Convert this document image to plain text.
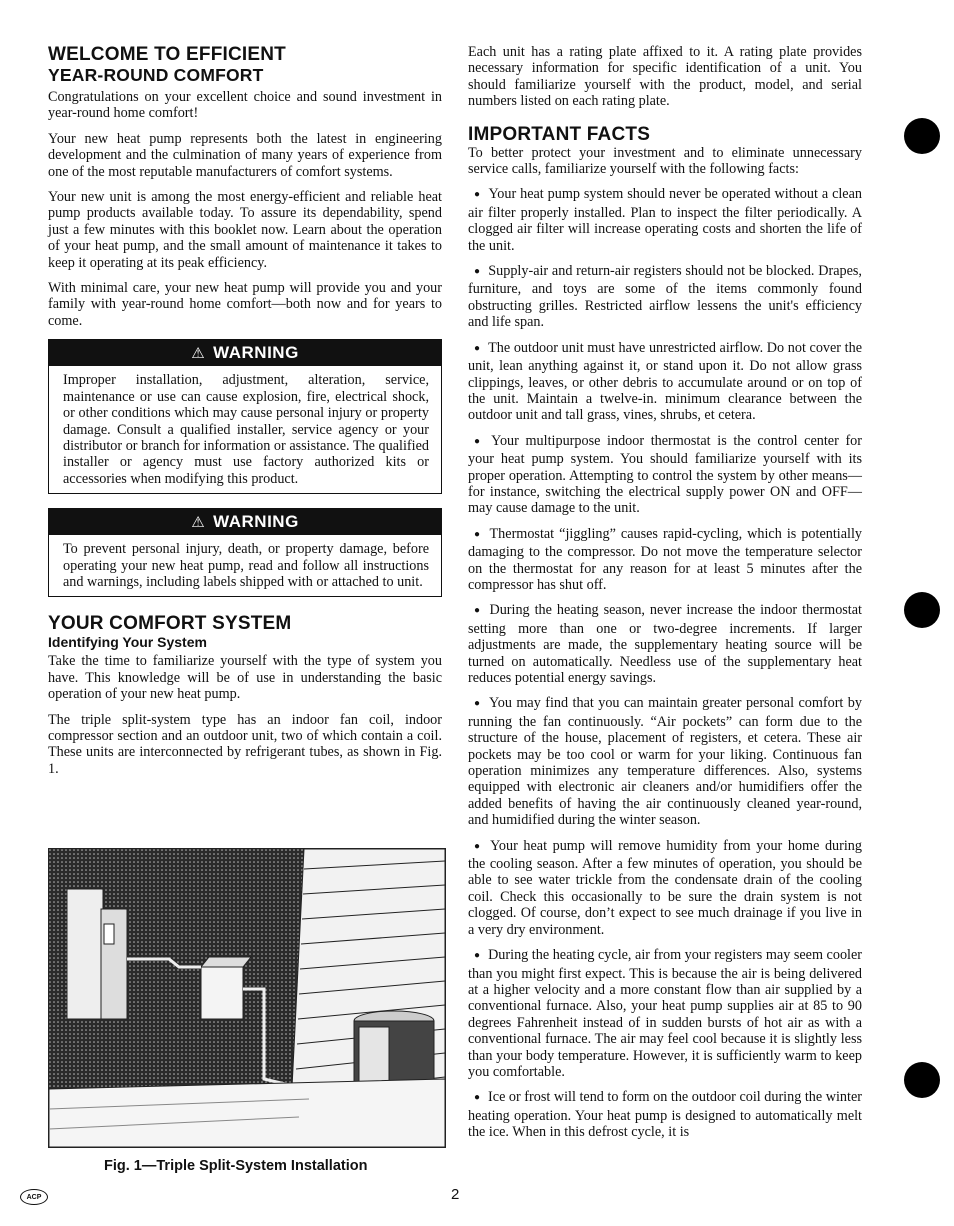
WELCOME TO EFFICIENT
YEAR-ROUND COMFORT

Congratulations on your excellent choice and sound investment in year-round home comfort!

Your new heat pump represents both the latest in engineering development and the culmination of many years of experience from one of the most reputable manufacturers of comfort systems.

Your new unit is among the most energy-efficient and reliable heat pump products available today. To assure its dependability, spend just a few minutes with this booklet now. Learn about the operation of your heat pump, and the small amount of maintenance it takes to keep it operating at its peak efficiency.

With minimal care, your new heat pump will provide you and your family with year-round home comfort—both now and for years to come.

⚠ WARNING

Improper installation, adjustment, alteration, service, maintenance or use can cause explosion, fire, electrical shock, or other conditions which may cause personal injury or property damage. Consult a qualified installer, service agency or your distributor or branch for information or assistance. The qualified installer or agency must use factory authorized kits or accessories when modifying this product.

⚠ WARNING

To prevent personal injury, death, or property damage, before operating your new heat pump, read and follow all instructions and warnings, including labels shipped with or attached to unit.

YOUR COMFORT SYSTEM
Identifying Your System

Take the time to familiarize yourself with the type of system you have. This knowledge will be of use in understanding the basic operation of your new heat pump.

The triple split-system type has an indoor fan coil, indoor compressor section and an outdoor unit, two of which contain a coil. These units are interconnected by refrigerant tubes, as shown in Fig. 1.

Fig. 1—Triple Split-System Installation

Each unit has a rating plate affixed to it. A rating plate provides necessary information for specific identification of a unit. You should familiarize yourself with the product, model, and serial numbers listed on each rating plate.

IMPORTANT FACTS

To better protect your investment and to eliminate unnecessary service calls, familiarize yourself with the following facts:

● Your heat pump system should never be operated without a clean air filter properly installed. Plan to inspect the filter periodically. A clogged air filter will increase operating costs and shorten the life of the unit.

● Supply-air and return-air registers should not be blocked. Drapes, furniture, and toys are some of the items commonly found obstructing grilles. Restricted airflow lessens the unit's efficiency and life span.

● The outdoor unit must have unrestricted airflow. Do not cover the unit, lean anything against it, or stand upon it. Do not allow grass clippings, leaves, or other debris to accumulate around or on top of the unit. Maintain a twelve-in. minimum clearance between the outdoor unit and tall grass, vines, shrubs, et cetera.

● Your multipurpose indoor thermostat is the control center for your heat pump system. You should familiarize yourself with its proper operation. Attempting to control the system by other means—for instance, switching the electrical supply power ON and OFF—may cause damage to the unit.

● Thermostat “jiggling” causes rapid-cycling, which is potentially damaging to the compressor. Do not move the temperature selector on the thermostat for any reason for at least 5 minutes after the compressor has shut off.

● During the heating season, never increase the indoor thermostat setting more than one or two-degree increments. If larger adjustments are made, the supplementary heating source will be turned on automatically. Needless use of the supplementary heat reduces potential energy savings.

● You may find that you can maintain greater personal comfort by running the fan continuously. “Air pockets” can form due to the structure of the house, placement of registers, et cetera. These air pockets may be too cool or warm for your liking. Continuous fan operation minimizes any temperature differences. Also, systems equipped with electronic air cleaners and/or humidifiers offer the added benefits of having the air continuously cleaned year-round, and humidified during the winter season.

● Your heat pump will remove humidity from your home during the cooling season. After a few minutes of operation, you should be able to see water trickle from the condensate drain of the cooling coil. Check this occasionally to be sure the drain system is not clogged. Of course, don’t expect to see much drainage if you live in a very dry environment.

● During the heating cycle, air from your registers may seem cooler than you might first expect. This is because the air is being delivered at a higher velocity and a more constant flow than air supplied by a conventional furnace. Also, your heat pump supplies air at 85 to 90 degrees Fahrenheit instead of in sudden bursts of hot air as with a conventional furnace. The air may feel cool because it is slightly less than your body temperature. However, it is sufficiently warm to keep you comfortable.

● Ice or frost will tend to form on the outdoor coil during the winter heating operation. Your heat pump is designed to automatically melt the ice. When in this defrost cycle, it is

ACP	2
